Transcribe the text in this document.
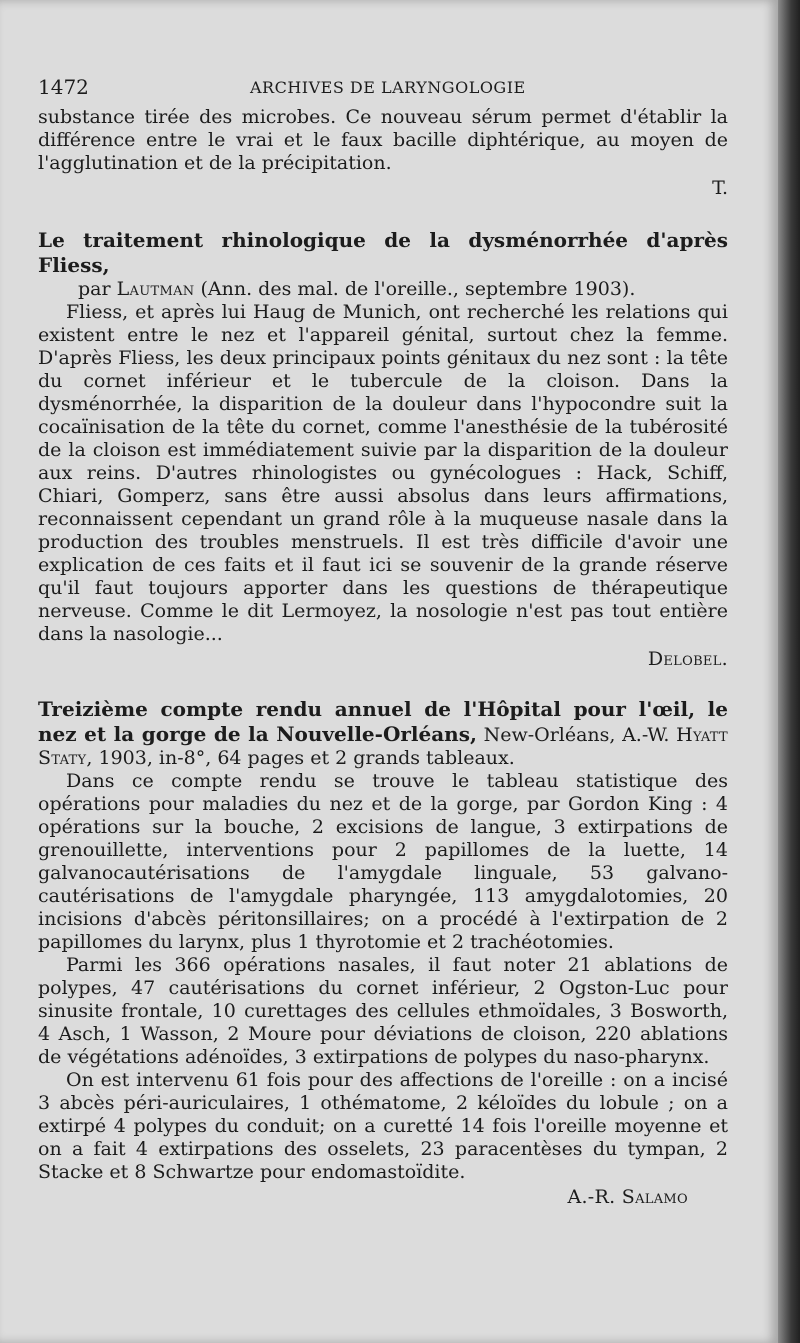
1472	ARCHIVES DE LARYNGOLOGIE

substance tirée des microbes. Ce nouveau sérum permet d'établir la différence entre le vrai et le faux bacille diphtérique, au moyen de l'agglutination et de la précipitation.

T.

Le traitement rhinologique de la dysménorrhée d'après Fliess,

par Lautman (Ann. des mal. de l'oreille., septembre 1903).

Fliess, et après lui Haug de Munich, ont recherché les relations qui existent entre le nez et l'appareil génital, surtout chez la femme. D'après Fliess, les deux principaux points génitaux du nez sont : la tête du cornet inférieur et le tubercule de la cloison. Dans la dysménorrhée, la disparition de la douleur dans l'hypocondre suit la cocaïnisation de la tête du cornet, comme l'anesthésie de la tubérosité de la cloison est immédiatement suivie par la disparition de la douleur aux reins. D'autres rhinologistes ou gynécologues : Hack, Schiff, Chiari, Gomperz, sans être aussi absolus dans leurs affirmations, reconnaissent cependant un grand rôle à la muqueuse nasale dans la production des troubles menstruels. Il est très difficile d'avoir une explication de ces faits et il faut ici se souvenir de la grande réserve qu'il faut toujours apporter dans les questions de thérapeutique nerveuse. Comme le dit Lermoyez, la nosologie n'est pas tout entière dans la nasologie...

Delobel.

Treizième compte rendu annuel de l'Hôpital pour l'œil, le nez et la gorge de la Nouvelle-Orléans, New-Orléans, A.-W. Hyatt Staty, 1903, in-8°, 64 pages et 2 grands tableaux.

Dans ce compte rendu se trouve le tableau statistique des opérations pour maladies du nez et de la gorge, par Gordon King : 4 opérations sur la bouche, 2 excisions de langue, 3 extirpations de grenouillette, interventions pour 2 papillomes de la luette, 14 galvanocautérisations de l'amygdale linguale, 53 galvano-cautérisations de l'amygdale pharyngée, 113 amygdalotomies, 20 incisions d'abcès péritonsillaires; on a procédé à l'extirpation de 2 papillomes du larynx, plus 1 thyrotomie et 2 trachéotomies.

Parmi les 366 opérations nasales, il faut noter 21 ablations de polypes, 47 cautérisations du cornet inférieur, 2 Ogston-Luc pour sinusite frontale, 10 curettages des cellules ethmoïdales, 3 Bosworth, 4 Asch, 1 Wasson, 2 Moure pour déviations de cloison, 220 ablations de végétations adénoïdes, 3 extirpations de polypes du naso-pharynx.

On est intervenu 61 fois pour des affections de l'oreille : on a incisé 3 abcès péri-auriculaires, 1 othématome, 2 kéloïdes du lobule ; on a extirpé 4 polypes du conduit; on a curetté 14 fois l'oreille moyenne et on a fait 4 extirpations des osselets, 23 paracentèses du tympan, 2 Stacke et 8 Schwartze pour endomastoïdite.

A.-R. Salamo
